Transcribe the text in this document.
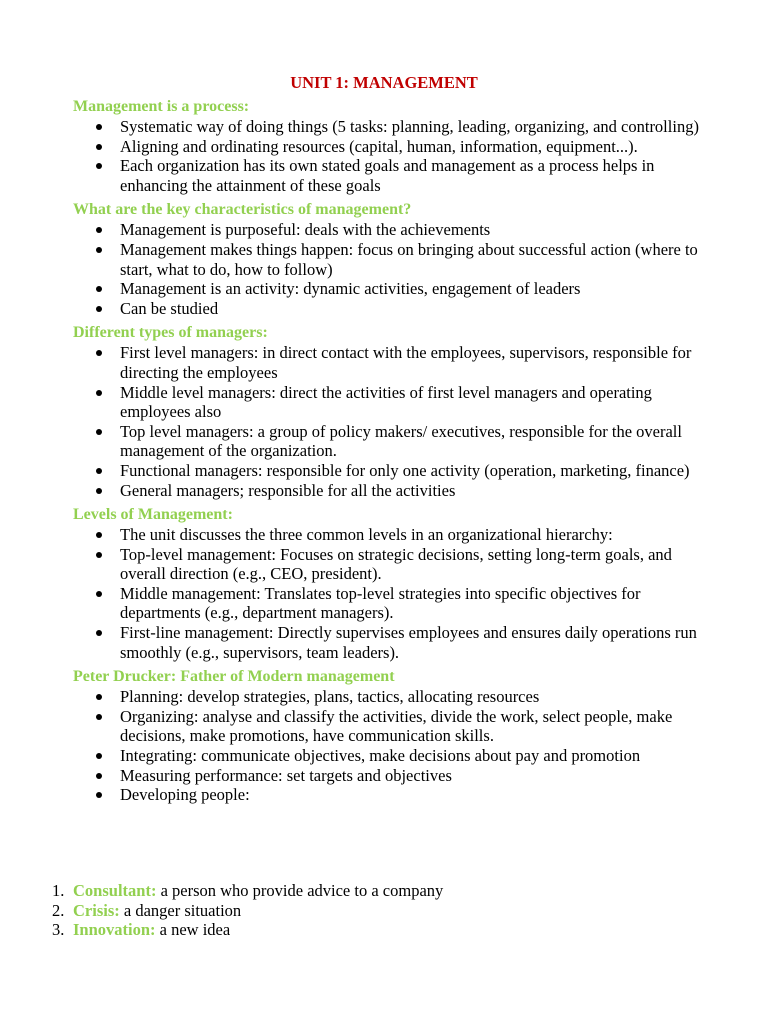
UNIT 1: MANAGEMENT
Management is a process:
Systematic way of doing things (5 tasks: planning, leading, organizing, and controlling)
Aligning and ordinating resources (capital, human, information, equipment...).
Each organization has its own stated goals and management as a process helps in enhancing the attainment of these goals
What are the key characteristics of management?
Management is purposeful: deals with the achievements
Management makes things happen: focus on bringing about successful action (where to start, what to do, how to follow)
Management is an activity: dynamic activities, engagement of leaders
Can be studied
Different types of managers:
First level managers: in direct contact with the employees, supervisors, responsible for directing the employees
Middle level managers: direct the activities of first level managers and operating employees also
Top level managers: a group of policy makers/ executives, responsible for the overall management of the organization.
Functional managers: responsible for only one activity (operation, marketing, finance)
General managers; responsible for all the activities
Levels of Management:
The unit discusses the three common levels in an organizational hierarchy:
Top-level management: Focuses on strategic decisions, setting long-term goals, and overall direction (e.g., CEO, president).
Middle management: Translates top-level strategies into specific objectives for departments (e.g., department managers).
First-line management: Directly supervises employees and ensures daily operations run smoothly (e.g., supervisors, team leaders).
Peter Drucker: Father of Modern management
Planning: develop strategies, plans, tactics, allocating resources
Organizing: analyse and classify the activities, divide the work, select people, make decisions, make promotions, have communication skills.
Integrating: communicate objectives, make decisions about pay and promotion
Measuring performance: set targets and objectives
Developing people:
1. Consultant: a person who provide advice to a company
2. Crisis: a danger situation
3. Innovation: a new idea
